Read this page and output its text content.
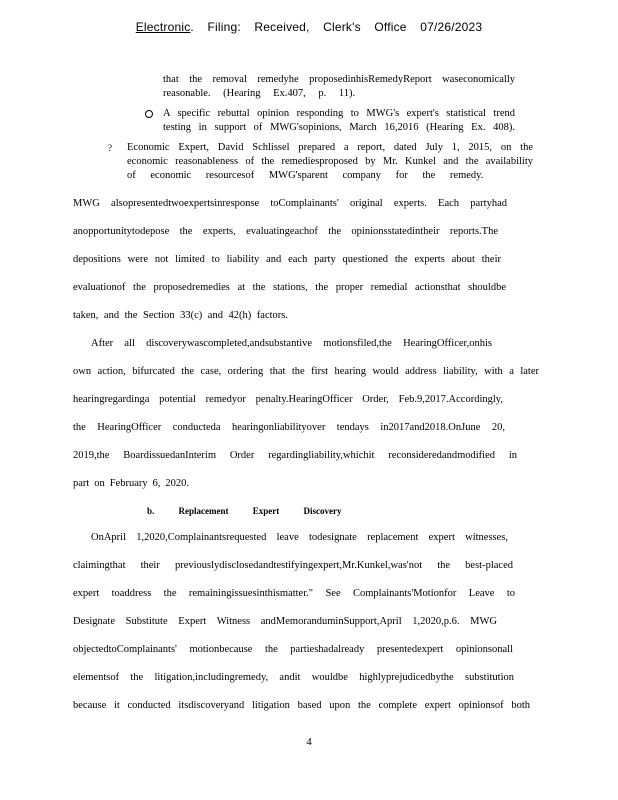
Electronic. Filing: Received, Clerk's Office 07/26/2023
that the removal remedyhe proposedinhisRemedyReport waseconomically
reasonable. (Hearing Ex.407, p. 11).
A specific rebuttal opinion responding to MWG's expert's statistical trend
testing in support of MWG'sopinions, March 16,2016 (Hearing Ex. 408).
? Economic Expert, David Schlissel prepared a report, dated July 1, 2015, on the
economic reasonableness of the remediesproposed by Mr. Kunkel and the availability
of economic resourcesof MWG'sparent company for the remedy.
MWG alsopresentedtwoexpertsinresponse toComplainants' original experts. Each partyhad
anopportunitytodepose the experts, evaluatingeachof the opinionsstatedintheir reports.The
depositions were not limited to liability and each party questioned the experts about their
evaluationof the proposedremedies at the stations, the proper remedial actionsthat shouldbe
taken, and the Section 33(c) and 42(h) factors.
After all discoverywascompleted,andsubstantive motionsfiled,the HearingOfficer,onhis
own action, bifurcated the case, ordering that the first hearing would address liability, with a later
hearingregardinga potential remedyor penalty.HearingOfficer Order, Feb.9,2017.Accordingly,
the HearingOfficer conducteda hearingonliabilityover tendays in2017and2018.OnJune 20,
2019,the BoardissuedanInterim Order regardingliability,whichit reconsideredandmodified in
part on February 6, 2020.
b. Replacement Expert Discovery
OnApril 1,2020,Complainantsrequested leave todesignate replacement expert witnesses,
claimingthat their previouslydisclosedandtestifyingexpert,Mr.Kunkel,was'not the best-placed
expert toaddress the remainingissuesinthismatter." See Complainants'Motionfor Leave to
Designate Substitute Expert Witness andMemoranduminSupport,April 1,2020,p.6. MWG
objectedtoComplainants' motionbecause the partieshadalready presentedexpert opinionsonall
elementsof the litigation,includingremedy, andit wouldbe highlyprejudicedbythe substitution
because it conducted itsdiscoveryand litigation based upon the complete expert opinionsof both
4
